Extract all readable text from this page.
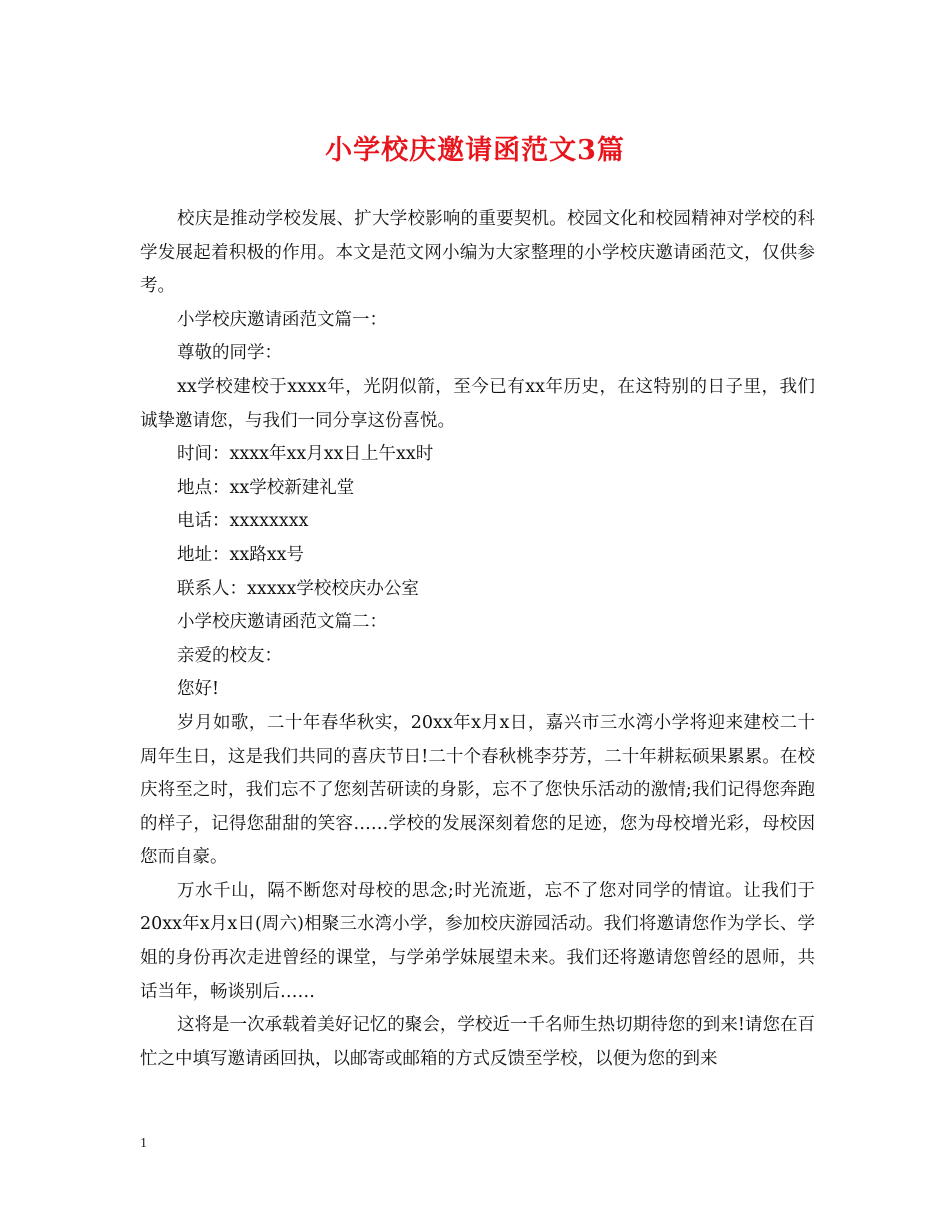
小学校庆邀请函范文3篇

校庆是推动学校发展、扩大学校影响的重要契机。校园文化和校园精神对学校的科学发展起着积极的作用。本文是范文网小编为大家整理的小学校庆邀请函范文，仅供参考。

小学校庆邀请函范文篇一：

尊敬的同学：

xx学校建校于xxxx年，光阴似箭，至今已有xx年历史，在这特别的日子里，我们诚挚邀请您，与我们一同分享这份喜悦。

时间：xxxx年xx月xx日上午xx时

地点：xx学校新建礼堂

电话：xxxxxxxx

地址：xx路xx号

联系人：xxxxx学校校庆办公室

小学校庆邀请函范文篇二：

亲爱的校友：

您好!

岁月如歌，二十年春华秋实，20xx年x月x日，嘉兴市三水湾小学将迎来建校二十周年生日，这是我们共同的喜庆节日!二十个春秋桃李芬芳，二十年耕耘硕果累累。在校庆将至之时，我们忘不了您刻苦研读的身影，忘不了您快乐活动的激情;我们记得您奔跑的样子，记得您甜甜的笑容……学校的发展深刻着您的足迹，您为母校增光彩，母校因您而自豪。

万水千山，隔不断您对母校的思念;时光流逝，忘不了您对同学的情谊。让我们于20xx年x月x日(周六)相聚三水湾小学，参加校庆游园活动。我们将邀请您作为学长、学姐的身份再次走进曾经的课堂，与学弟学妹展望未来。我们还将邀请您曾经的恩师，共话当年，畅谈别后……

这将是一次承载着美好记忆的聚会，学校近一千名师生热切期待您的到来!请您在百忙之中填写邀请函回执，以邮寄或邮箱的方式反馈至学校，以便为您的到来

1
